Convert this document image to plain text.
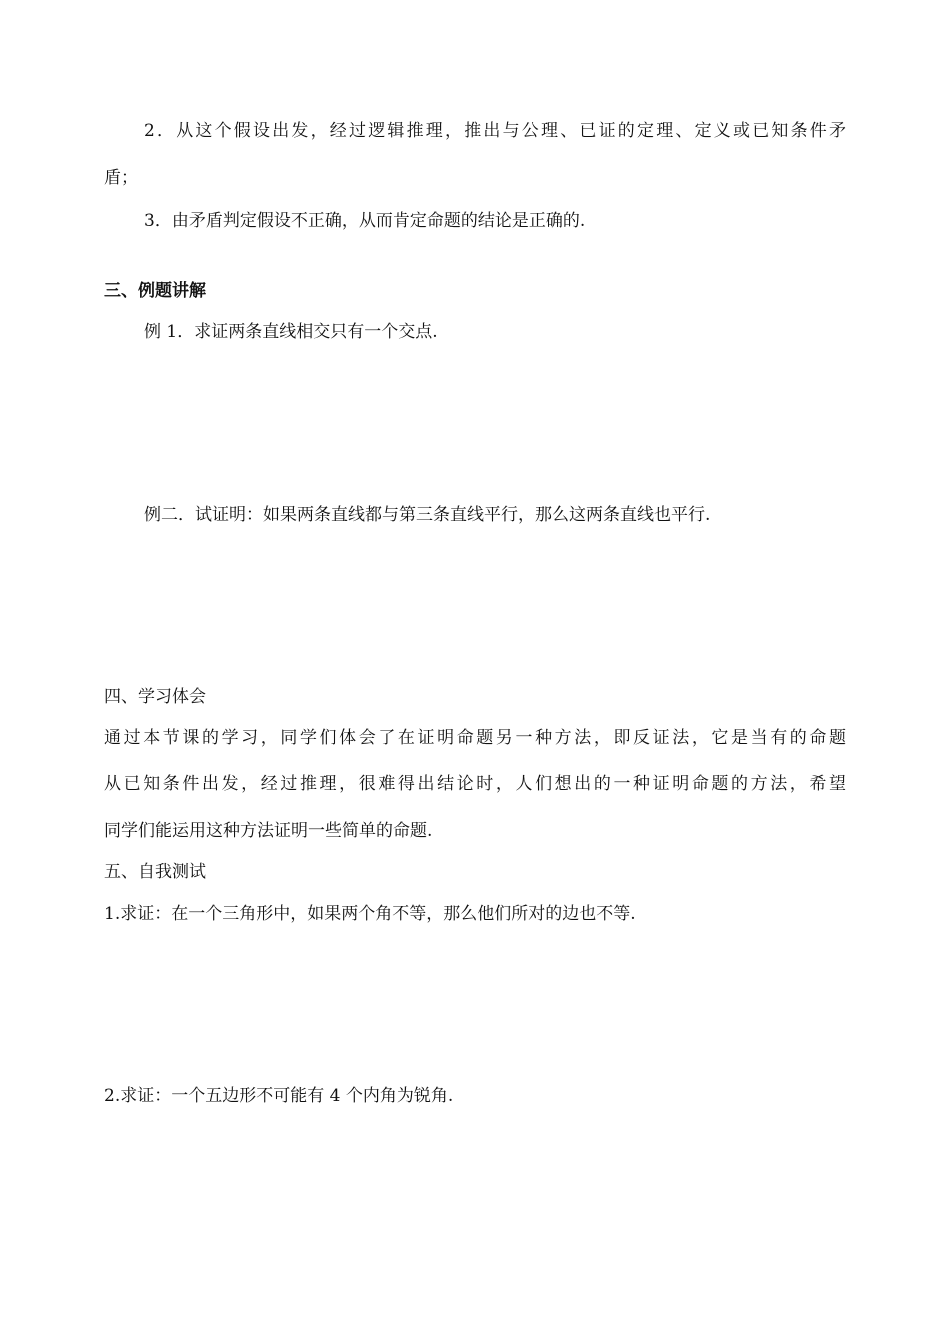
2．从这个假设出发，经过逻辑推理，推出与公理、已证的定理、定义或已知条件矛
盾；
3．由矛盾判定假设不正确，从而肯定命题的结论是正确的.
三、例题讲解
例 1．求证两条直线相交只有一个交点.
例二．试证明：如果两条直线都与第三条直线平行，那么这两条直线也平行.
四、学习体会
通过本节课的学习，同学们体会了在证明命题另一种方法，即反证法，它是当有的命题
从已知条件出发，经过推理，很难得出结论时，人们想出的一种证明命题的方法，希望
同学们能运用这种方法证明一些简单的命题.
五、自我测试
1.求证：在一个三角形中，如果两个角不等，那么他们所对的边也不等.
2.求证：一个五边形不可能有 4 个内角为锐角.
